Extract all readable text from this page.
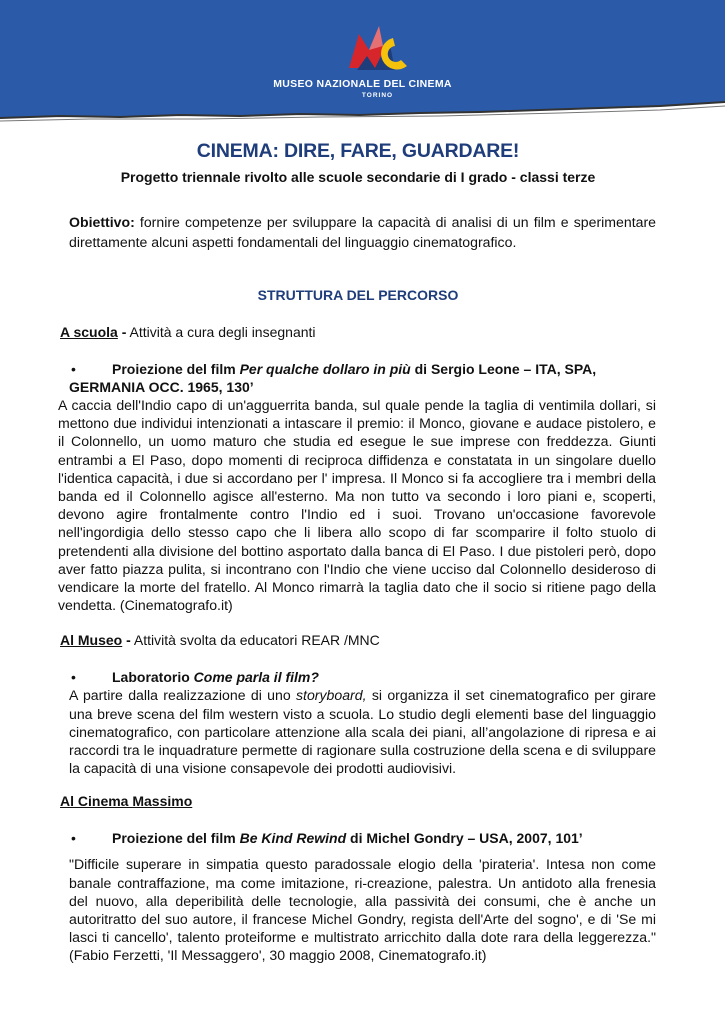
MUSEO NAZIONALE DEL CINEMA
TORINO
CINEMA: DIRE, FARE, GUARDARE!

Progetto triennale rivolto alle scuole secondarie di I grado - classi terze

Obiettivo: fornire competenze per sviluppare la capacità di analisi di un film e sperimentare direttamente alcuni aspetti fondamentali del linguaggio cinematografico.

STRUTTURA DEL PERCORSO
A scuola - Attività a cura degli insegnanti
•	Proiezione del film Per qualche dollaro in più di Sergio Leone – ITA, SPA,
GERMANIA OCC. 1965, 130’

A caccia dell'Indio capo di un'agguerrita banda, sul quale pende la taglia di ventimila dollari, si mettono due individui intenzionati a intascare il premio: il Monco, giovane e audace pistolero, e il Colonnello, un uomo maturo che studia ed esegue le sue imprese con freddezza. Giunti entrambi a El Paso, dopo momenti di reciproca diffidenza e constatata in un singolare duello l'identica capacità, i due si accordano per l' impresa. Il Monco si fa accogliere tra i membri della banda ed il Colonnello agisce all'esterno. Ma non tutto va secondo i loro piani e, scoperti, devono agire frontalmente contro l'Indio ed i suoi. Trovano un'occasione favorevole nell'ingordigia dello stesso capo che li libera allo scopo di far scomparire il folto stuolo di pretendenti alla divisione del bottino asportato dalla banca di El Paso. I due pistoleri però, dopo aver fatto piazza pulita, si incontrano con l'Indio che viene ucciso dal Colonnello desideroso di vendicare la morte del fratello. Al Monco rimarrà la taglia dato che il socio si ritiene pago della vendetta. (Cinematografo.it)

Al Museo - Attività svolta da educatori REAR /MNC
•	Laboratorio Come parla il film?

A partire dalla realizzazione di uno storyboard, si organizza il set cinematografico per girare una breve scena del film western visto a scuola. Lo studio degli elementi base del linguaggio cinematografico, con particolare attenzione alla scala dei piani, all’angolazione di ripresa e ai raccordi tra le inquadrature permette di ragionare sulla costruzione della scena e di sviluppare la capacità di una visione consapevole dei prodotti audiovisivi.

Al Cinema Massimo
•	Proiezione del film Be Kind Rewind di Michel Gondry – USA, 2007, 101’

"Difficile superare in simpatia questo paradossale elogio della 'pirateria'. Intesa non come banale contraffazione, ma come imitazione, ri-creazione, palestra. Un antidoto alla frenesia del nuovo, alla deperibilità delle tecnologie, alla passività dei consumi, che è anche un autoritratto del suo autore, il francese Michel Gondry, regista dell'Arte del sogno', e di 'Se mi lasci ti cancello', talento proteiforme e multistrato arricchito dalla dote rara della leggerezza." (Fabio Ferzetti, 'Il Messaggero', 30 maggio 2008, Cinematografo.it)
